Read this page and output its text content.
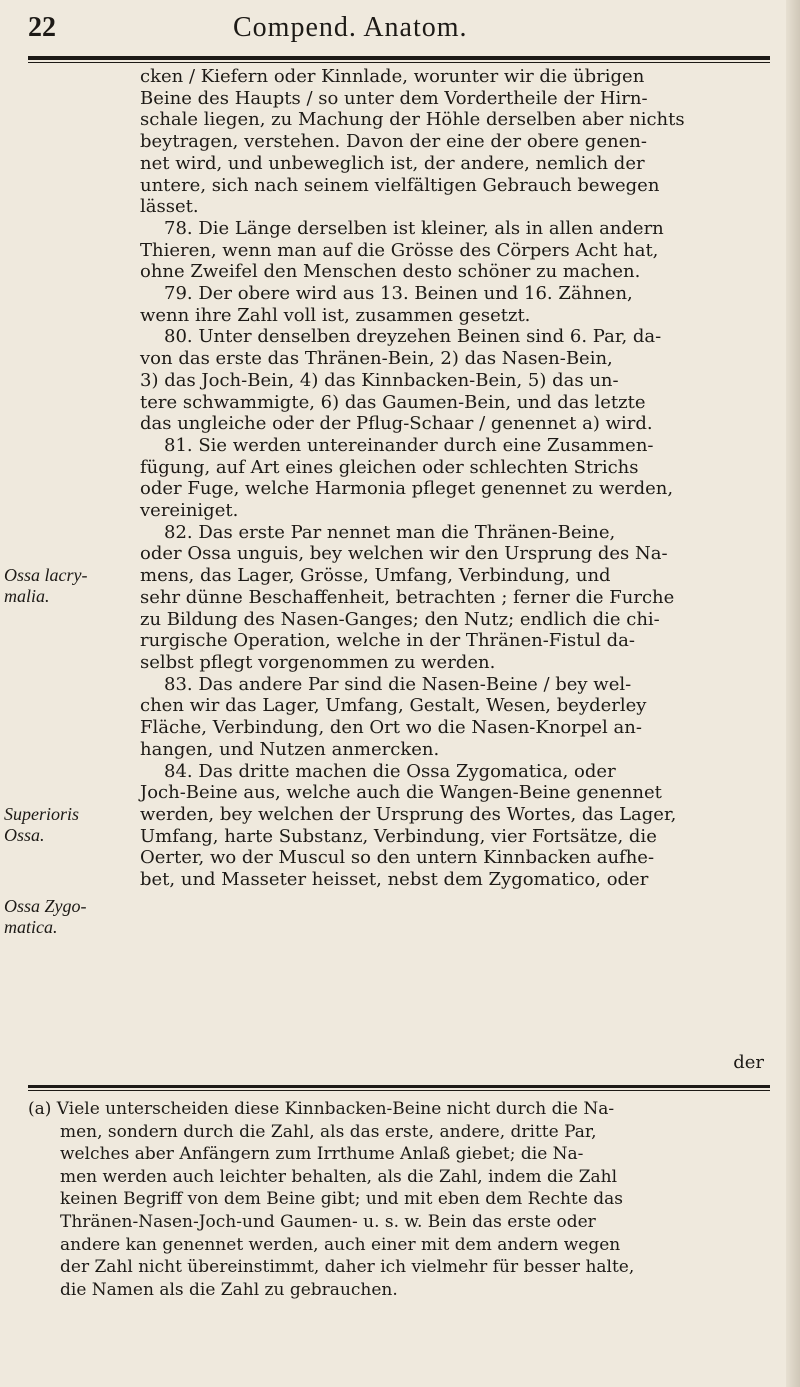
22	Compend. Anatom.
Superioris
Ossa.
Ossa lacry-
malia.
Ossa Zygo-
matica.
cken / Kiefern oder Kinnlade, worunter wir die übrigen
Beine des Haupts / so unter dem Vordertheile der Hirn-
schale liegen, zu Machung der Höhle derselben aber nichts
beytragen, verstehen. Davon der eine der obere genen-
net wird, und unbeweglich ist, der andere, nemlich der
untere, sich nach seinem vielfältigen Gebrauch bewegen
lässet.
78. Die Länge derselben ist kleiner, als in allen andern
Thieren, wenn man auf die Grösse des Cörpers Acht hat,
ohne Zweifel den Menschen desto schöner zu machen.
79. Der obere wird aus 13. Beinen und 16. Zähnen,
wenn ihre Zahl voll ist, zusammen gesetzt.
80. Unter denselben dreyzehen Beinen sind 6. Par, da-
von das erste das Thränen-Bein, 2) das Nasen-Bein,
3) das Joch-Bein, 4) das Kinnbacken-Bein, 5) das un-
tere schwammigte, 6) das Gaumen-Bein, und das letzte
das ungleiche oder der Pflug-Schaar / genennet a) wird.
81. Sie werden untereinander durch eine Zusammen-
fügung, auf Art eines gleichen oder schlechten Strichs
oder Fuge, welche Harmonia pfleget genennet zu werden,
vereiniget.
82. Das erste Par nennet man die Thränen-Beine,
oder Ossa unguis, bey welchen wir den Ursprung des Na-
mens, das Lager, Grösse, Umfang, Verbindung, und
sehr dünne Beschaffenheit, betrachten ; ferner die Furche
zu Bildung des Nasen-Ganges; den Nutz; endlich die chi-
rurgische Operation, welche in der Thränen-Fistul da-
selbst pflegt vorgenommen zu werden.
83. Das andere Par sind die Nasen-Beine / bey wel-
chen wir das Lager, Umfang, Gestalt, Wesen, beyderley
Fläche, Verbindung, den Ort wo die Nasen-Knorpel an-
hangen, und Nutzen anmercken.
84. Das dritte machen die Ossa Zygomatica, oder
Joch-Beine aus, welche auch die Wangen-Beine genennet
werden, bey welchen der Ursprung des Wortes, das Lager,
Umfang, harte Substanz, Verbindung, vier Fortsätze, die
Oerter, wo der Muscul so den untern Kinnbacken aufhe-
bet, und Masseter heisset, nebst dem Zygomatico, oder
der
(a) Viele unterscheiden diese Kinnbacken-Beine nicht durch die Na-
men, sondern durch die Zahl, als das erste, andere, dritte Par,
welches aber Anfängern zum Irrthume Anlaß giebet; die Na-
men werden auch leichter behalten, als die Zahl, indem die Zahl
keinen Begriff von dem Beine gibt; und mit eben dem Rechte das
Thränen-Nasen-Joch-und Gaumen- u. s. w. Bein das erste oder
andere kan genennet werden, auch einer mit dem andern wegen
der Zahl nicht übereinstimmt, daher ich vielmehr für besser halte,
die Namen als die Zahl zu gebrauchen.
